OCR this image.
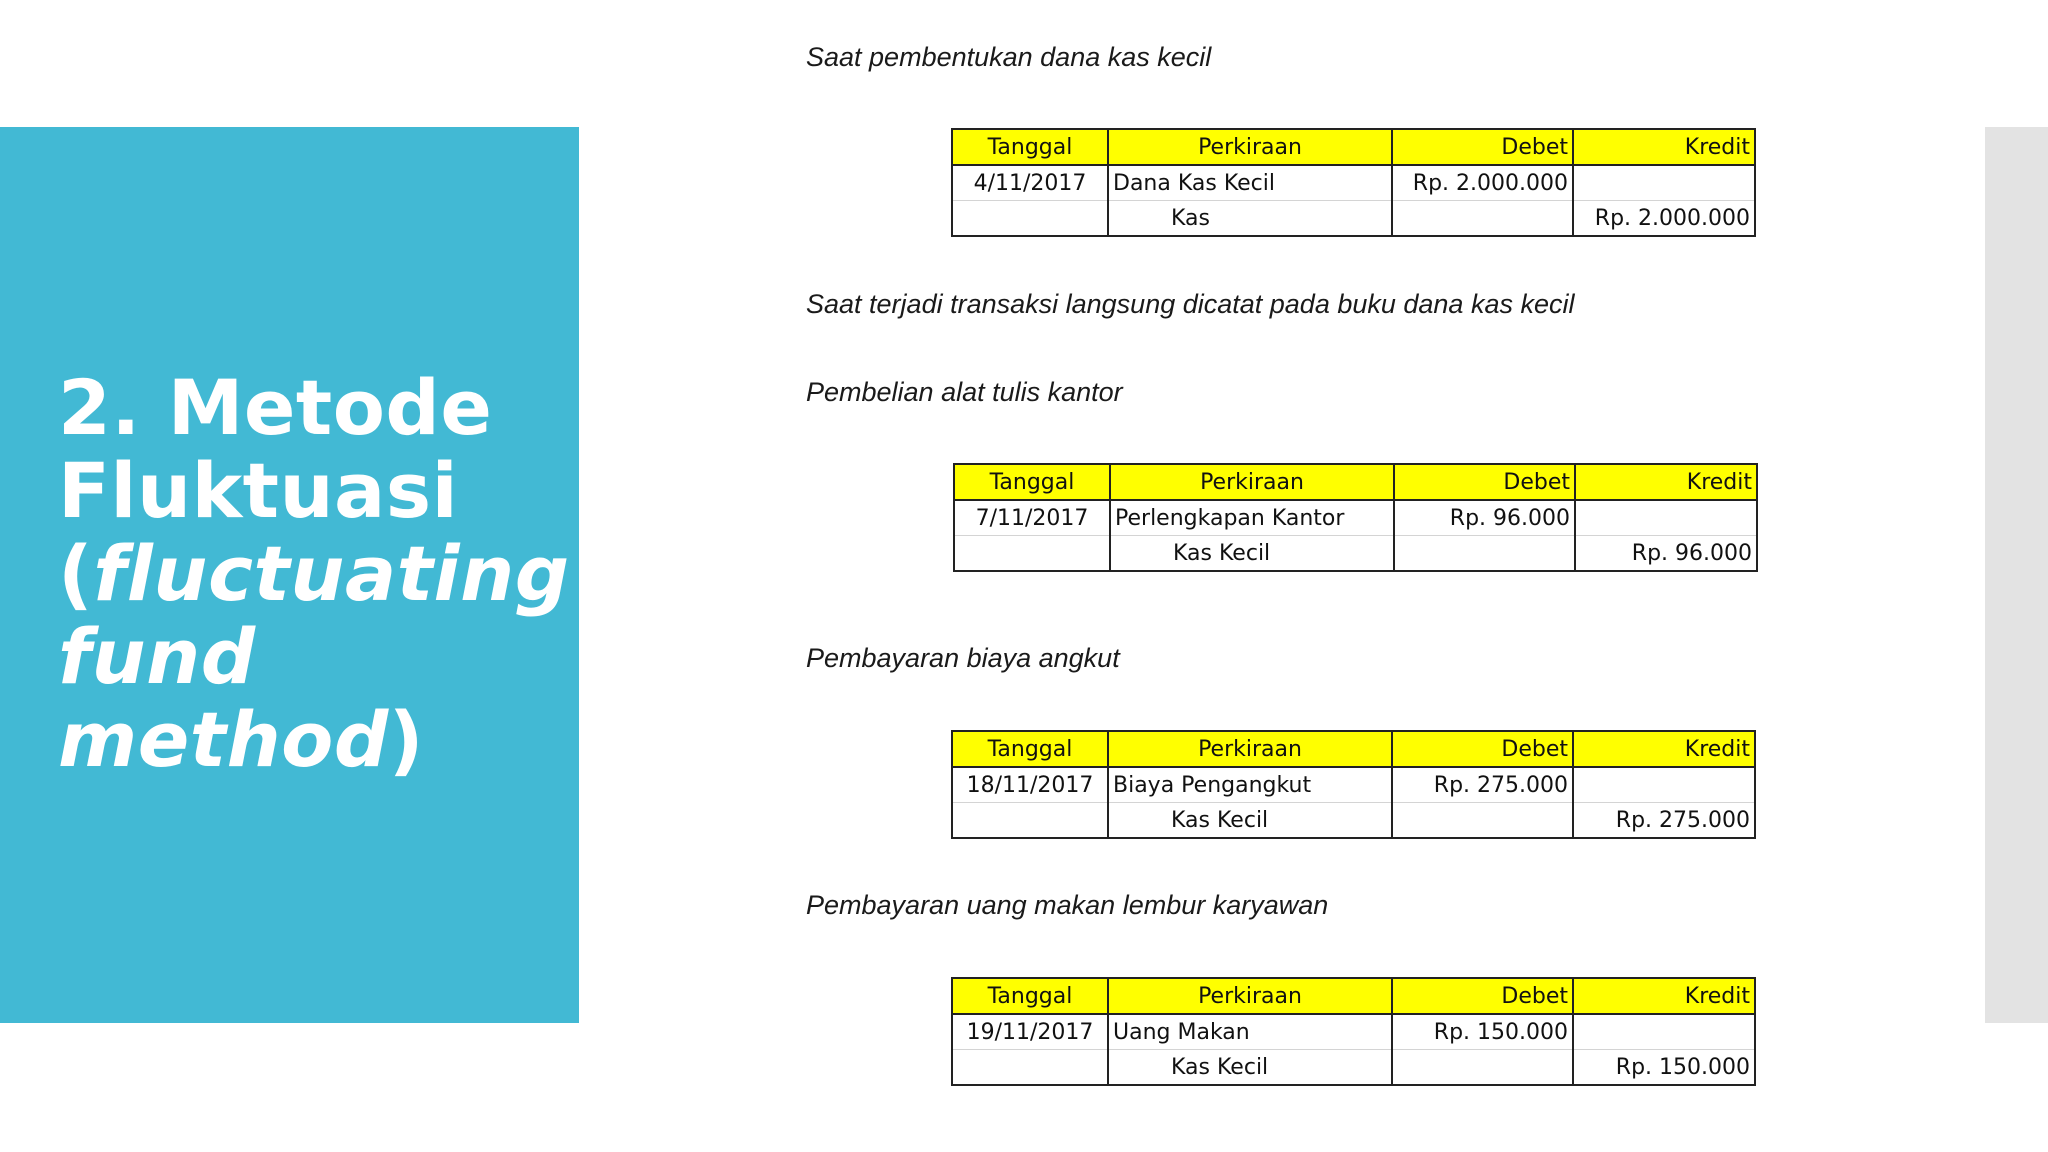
2. Metode Fluktuasi (fluctuating fund method)

Saat pembentukan dana kas kecil

Tanggal	Perkiraan	Debet	Kredit
4/11/2017	Dana Kas Kecil	Rp. 2.000.000	
	Kas		Rp. 2.000.000

Saat terjadi transaksi langsung dicatat pada buku dana kas kecil

Pembelian alat tulis kantor

Tanggal	Perkiraan	Debet	Kredit
7/11/2017	Perlengkapan Kantor	Rp. 96.000	
	Kas Kecil		Rp. 96.000

Pembayaran biaya angkut

Tanggal	Perkiraan	Debet	Kredit
18/11/2017	Biaya Pengangkut	Rp. 275.000	
	Kas Kecil		Rp. 275.000

Pembayaran uang makan lembur karyawan

Tanggal	Perkiraan	Debet	Kredit
19/11/2017	Uang Makan	Rp. 150.000	
	Kas Kecil		Rp. 150.000
